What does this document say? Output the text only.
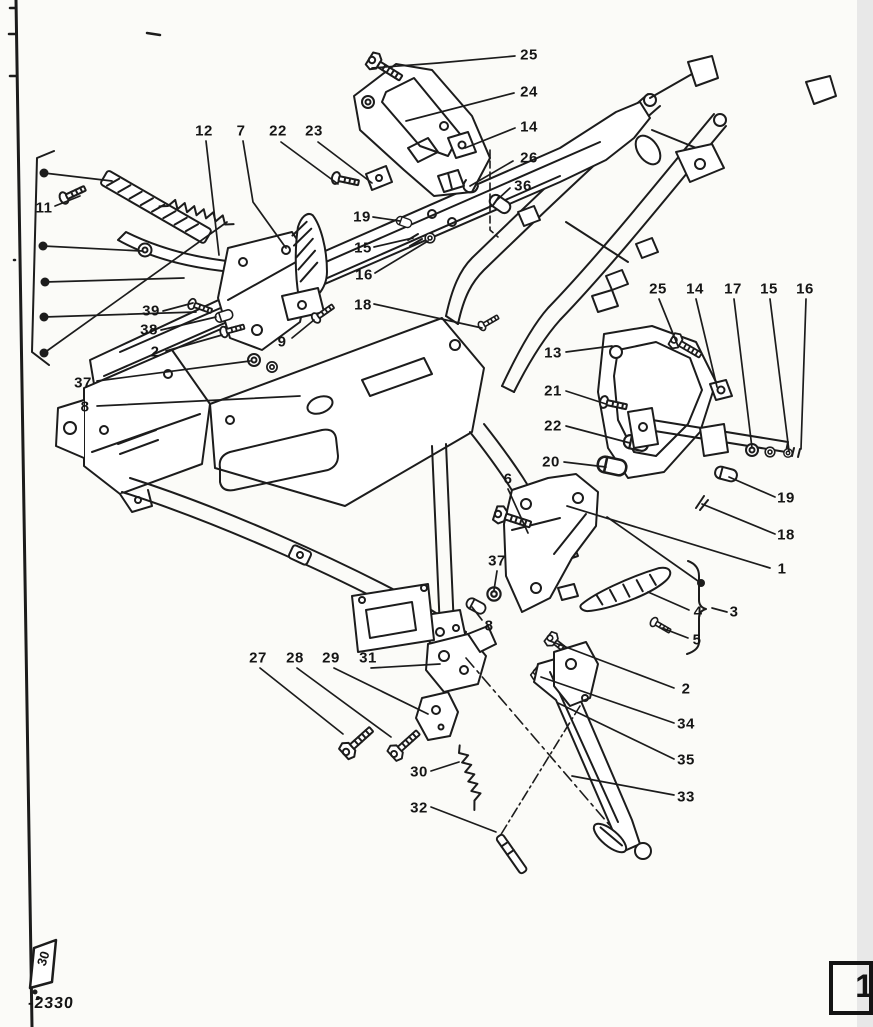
25
24
14
26
36
12 7 22 23
11
19
15
16
18
39
38
2
37
8
9
13
21
22
20
25 14 17 15 16
19
18
1
6
37
8
4 3
5
27 28 29 31
30
32
2
34
35
33
30
-2330	1
